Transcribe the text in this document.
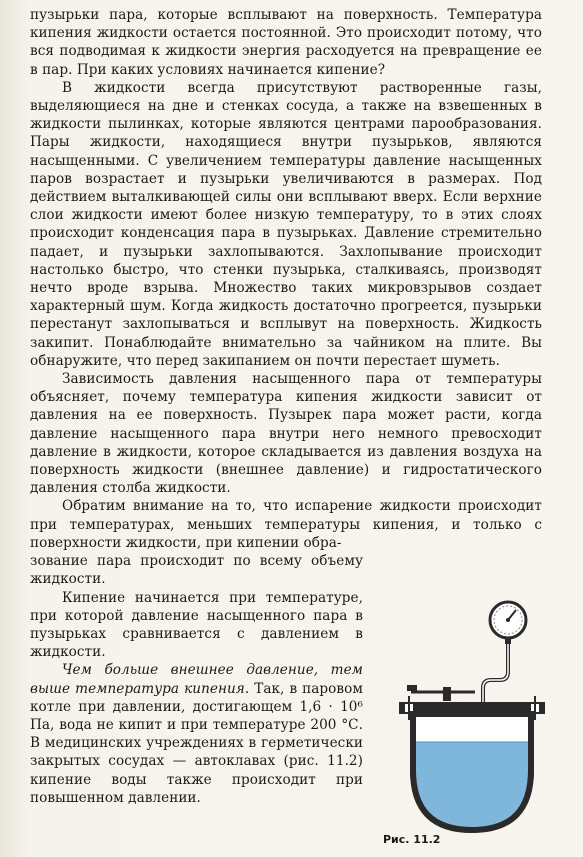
пузырьки пара, которые всплывают на поверхность. Температура кипения жидкости остается постоянной. Это происходит потому, что вся подводимая к жидкости энергия расходуется на превращение ее в пар. При каких условиях начинается кипение?

В жидкости всегда присутствуют растворенные газы, выделяющиеся на дне и стенках сосуда, а также на взвешенных в жидкости пылинках, которые являются центрами парообразования. Пары жидкости, находящиеся внутри пузырьков, являются насыщенными. С увеличением температуры давление насыщенных паров возрастает и пузырьки увеличиваются в размерах. Под действием выталкивающей силы они всплывают вверх. Если верхние слои жидкости имеют более низкую температуру, то в этих слоях происходит конденсация пара в пузырьках. Давление стремительно падает, и пузырьки захлопываются. Захлопывание происходит настолько быстро, что стенки пузырька, сталкиваясь, производят нечто вроде взрыва. Множество таких микровзрывов создает характерный шум. Когда жидкость достаточно прогреется, пузырьки перестанут захлопываться и всплывут на поверхность. Жидкость закипит. Понаблюдайте внимательно за чайником на плите. Вы обнаружите, что перед закипанием он почти перестает шуметь.

Зависимость давления насыщенного пара от температуры объясняет, почему температура кипения жидкости зависит от давления на ее поверхность. Пузырек пара может расти, когда давление насыщенного пара внутри него немного превосходит давление в жидкости, которое складывается из давления воздуха на поверхность жидкости (внешнее давление) и гидростатического давления столба жидкости.

Обратим внимание на то, что испарение жидкости происходит при температурах, меньших температуры кипения, и только с поверхности жидкости, при кипении обра-

зование пара происходит по всему объему жидкости.

Кипение начинается при температуре, при которой давление насыщенного пара в пузырьках сравнивается с давлением в жидкости.

Чем больше внешнее давление, тем выше температура кипения. Так, в паровом котле при давлении, достигающем 1,6 · 10⁶ Па, вода не кипит и при температуре 200 °С. В медицинских учреждениях в герметически закрытых сосудах — автоклавах (рис. 11.2) кипение воды также происходит при повышенном давлении.

Рис. 11.2
